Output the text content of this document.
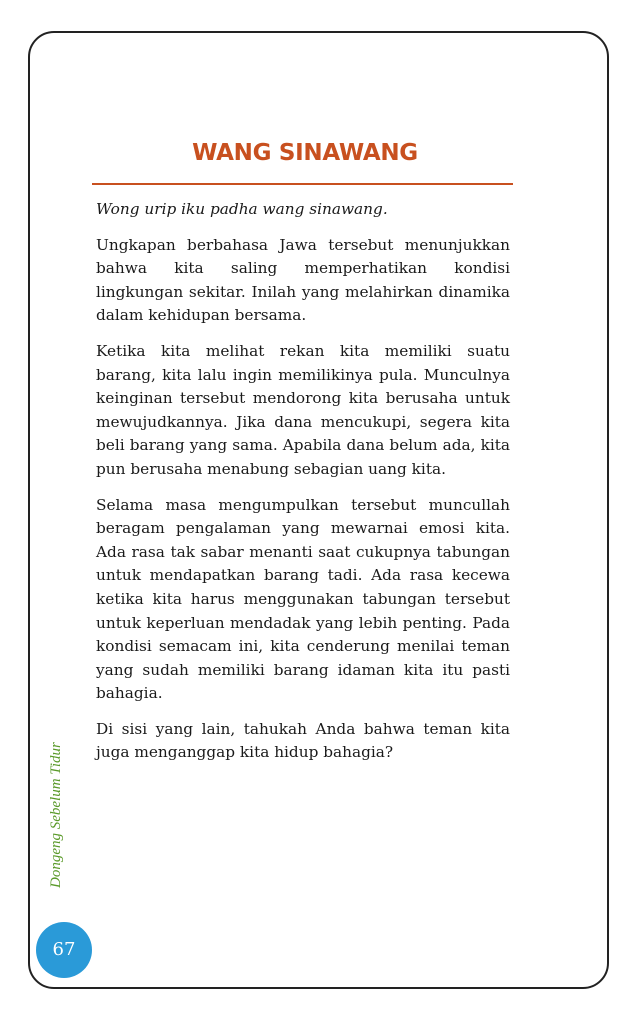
WANG SINAWANG

Wong urip iku padha wang sinawang.

Ungkapan berbahasa Jawa tersebut menunjukkan bahwa kita saling memperhatikan kondisi lingkungan sekitar. Inilah yang melahirkan dinamika dalam kehidupan bersama.

Ketika kita melihat rekan kita memiliki suatu barang, kita lalu ingin memilikinya pula. Munculnya keinginan tersebut mendorong kita berusaha untuk mewujudkannya. Jika dana mencukupi, segera kita beli barang yang sama. Apabila dana belum ada, kita pun berusaha menabung sebagian uang kita.

Selama masa mengumpulkan tersebut muncullah beragam pengalaman yang mewarnai emosi kita. Ada rasa tak sabar menanti saat cukupnya tabungan untuk mendapatkan barang tadi. Ada rasa kecewa ketika kita harus menggunakan tabungan tersebut untuk keperluan mendadak yang lebih penting. Pada kondisi semacam ini, kita cenderung menilai teman yang sudah memiliki barang idaman kita itu pasti bahagia.

Di sisi yang lain, tahukah Anda bahwa teman kita juga menganggap kita hidup bahagia?

Dongeng Sebelum Tidur
67
